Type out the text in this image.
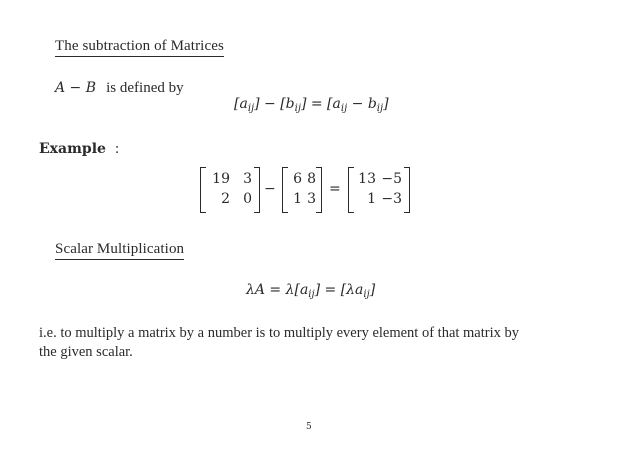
The subtraction of Matrices
A − B is defined by
$[a_{ij}] - [b_{ij}] = [a_{ij} - b_{ij}]$
Example :
19 3
2 0
−
6 8
1 3
=
13 −5
1 −3
Scalar Multiplication
$\lambda A = \lambda[a_{ij}] = [\lambda a_{ij}]$
i.e. to multiply a matrix by a number is to multiply every element of that matrix by
the given scalar.
5
